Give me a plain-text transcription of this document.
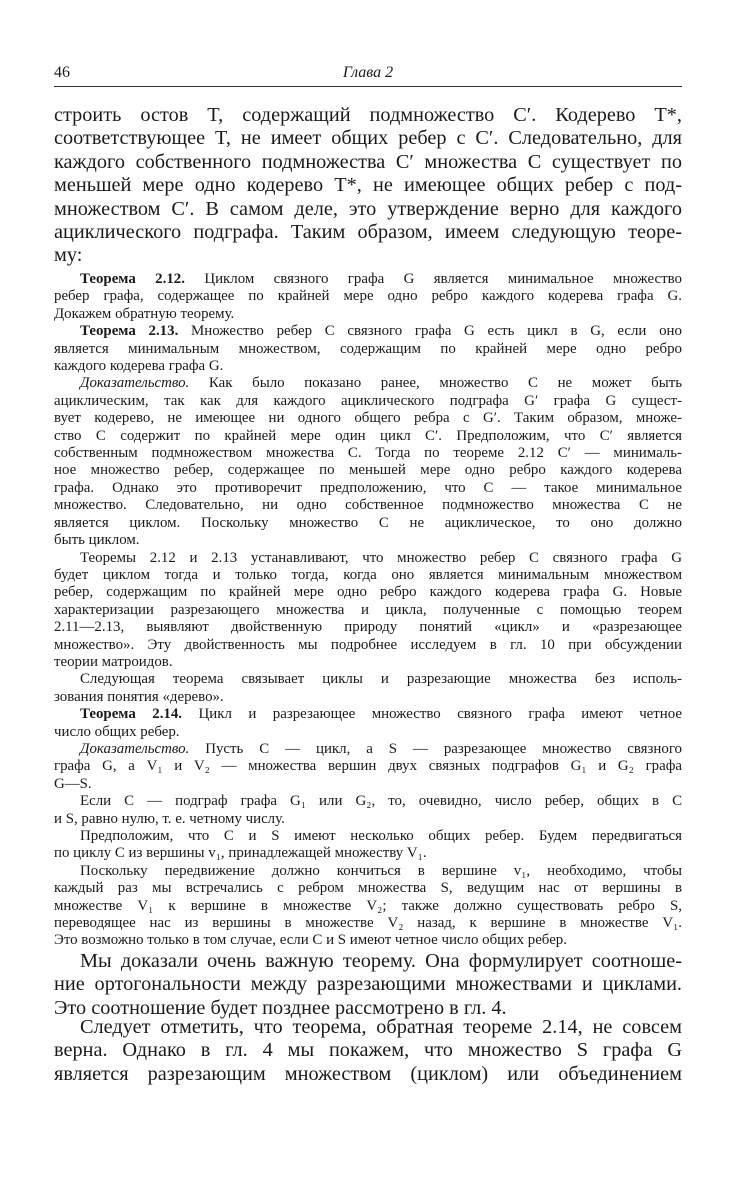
46	Глава 2
строить остов T, содержащий подмножество C′. Кодерево T*,
соответствующее T, не имеет общих ребер с C′. Следовательно, для
каждого собственного подмножества C′ множества C существует по
меньшей мере одно кодерево T*, не имеющее общих ребер с под-
множеством C′. В самом деле, это утверждение верно для каждого
ациклического подграфа. Таким образом, имеем следующую теоре-
му:
Теорема 2.12. Циклом связного графа G является минимальное множество
ребер графа, содержащее по крайней мере одно ребро каждого кодерева графа G.
Докажем обратную теорему.
Теорема 2.13. Множество ребер C связного графа G есть цикл в G, если оно
является минимальным множеством, содержащим по крайней мере одно ребро
каждого кодерева графа G.
Доказательство. Как было показано ранее, множество C не может быть
ациклическим, так как для каждого ациклического подграфа G′ графа G сущест-
вует кодерево, не имеющее ни одного общего ребра с G′. Таким образом, множе-
ство C содержит по крайней мере один цикл C′. Предположим, что C′ является
собственным подмножеством множества C. Тогда по теореме 2.12 C′ — минималь-
ное множество ребер, содержащее по меньшей мере одно ребро каждого кодерева
графа. Однако это противоречит предположению, что C — такое минимальное
множество. Следовательно, ни одно собственное подмножество множества C не
является циклом. Поскольку множество C не ациклическое, то оно должно
быть циклом.
Теоремы 2.12 и 2.13 устанавливают, что множество ребер C связного графа G
будет циклом тогда и только тогда, когда оно является минимальным множеством
ребер, содержащим по крайней мере одно ребро каждого кодерева графа G. Новые
характеризации разрезающего множества и цикла, полученные с помощью теорем
2.11—2.13, выявляют двойственную природу понятий «цикл» и «разрезающее
множество». Эту двойственность мы подробнее исследуем в гл. 10 при обсуждении
теории матроидов.
Следующая теорема связывает циклы и разрезающие множества без исполь-
зования понятия «дерево».
Теорема 2.14. Цикл и разрезающее множество связного графа имеют четное
число общих ребер.
Доказательство. Пусть C — цикл, а S — разрезающее множество связного
графа G, а V₁ и V₂ — множества вершин двух связных подграфов G₁ и G₂ графа
G—S.
Если C — подграф графа G₁ или G₂, то, очевидно, число ребер, общих в C
и S, равно нулю, т. е. четному числу.
Предположим, что C и S имеют несколько общих ребер. Будем передвигаться
по циклу C из вершины v₁, принадлежащей множеству V₁.
Поскольку передвижение должно кончиться в вершине v₁, необходимо, чтобы
каждый раз мы встречались с ребром множества S, ведущим нас от вершины в
множестве V₁ к вершине в множестве V₂; также должно существовать ребро S,
переводящее нас из вершины в множестве V₂ назад, к вершине в множестве V₁.
Это возможно только в том случае, если C и S имеют четное число общих ребер.
Мы доказали очень важную теорему. Она формулирует соотноше-
ние ортогональности между разрезающими множествами и циклами.
Это соотношение будет позднее рассмотрено в гл. 4.
Следует отметить, что теорема, обратная теореме 2.14, не совсем
верна. Однако в гл. 4 мы покажем, что множество S графа G
является разрезающим множеством (циклом) или объединением
